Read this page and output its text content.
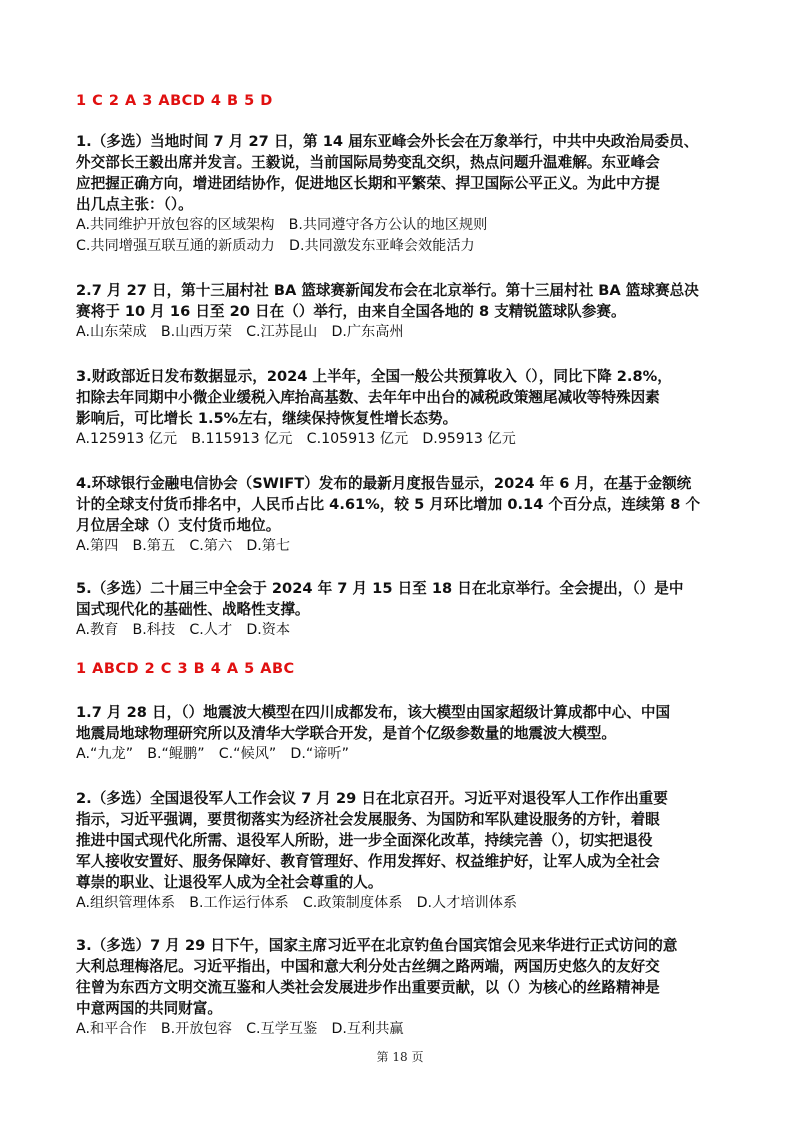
1 C 2 A 3 ABCD 4 B 5 D
1.（多选）当地时间 7 月 27 日，第 14 届东亚峰会外长会在万象举行，中共中央政治局委员、
外交部长王毅出席并发言。王毅说，当前国际局势变乱交织，热点问题升温难解。东亚峰会
应把握正确方向，增进团结协作，促进地区长期和平繁荣、捍卫国际公平正义。为此中方提
出几点主张：（）。
A.共同维护开放包容的区域架构　B.共同遵守各方公认的地区规则
C.共同增强互联互通的新质动力　D.共同激发东亚峰会效能活力
2.7 月 27 日，第十三届村社 BA 篮球赛新闻发布会在北京举行。第十三届村社 BA 篮球赛总决
赛将于 10 月 16 日至 20 日在（）举行，由来自全国各地的 8 支精锐篮球队参赛。
A.山东荣成　B.山西万荣　C.江苏昆山　D.广东高州
3.财政部近日发布数据显示，2024 上半年，全国一般公共预算收入（），同比下降 2.8%，
扣除去年同期中小微企业缓税入库抬高基数、去年年中出台的减税政策翘尾减收等特殊因素
影响后，可比增长 1.5%左右，继续保持恢复性增长态势。
A.125913 亿元　B.115913 亿元　C.105913 亿元　D.95913 亿元
4.环球银行金融电信协会（SWIFT）发布的最新月度报告显示，2024 年 6 月，在基于金额统
计的全球支付货币排名中，人民币占比 4.61%，较 5 月环比增加 0.14 个百分点，连续第 8 个
月位居全球（）支付货币地位。
A.第四　B.第五　C.第六　D.第七
5.（多选）二十届三中全会于 2024 年 7 月 15 日至 18 日在北京举行。全会提出，（）是中
国式现代化的基础性、战略性支撑。
A.教育　B.科技　C.人才　D.资本
1 ABCD 2 C 3 B 4 A 5 ABC
1.7 月 28 日，（）地震波大模型在四川成都发布，该大模型由国家超级计算成都中心、中国
地震局地球物理研究所以及清华大学联合开发，是首个亿级参数量的地震波大模型。
A.“九龙”　B.“鲲鹏”　C.“候风”　D.“谛听”
2.（多选）全国退役军人工作会议 7 月 29 日在北京召开。习近平对退役军人工作作出重要
指示，习近平强调，要贯彻落实为经济社会发展服务、为国防和军队建设服务的方针，着眼
推进中国式现代化所需、退役军人所盼，进一步全面深化改革，持续完善（），切实把退役
军人接收安置好、服务保障好、教育管理好、作用发挥好、权益维护好，让军人成为全社会
尊崇的职业、让退役军人成为全社会尊重的人。
A.组织管理体系　B.工作运行体系　C.政策制度体系　D.人才培训体系
3.（多选）7 月 29 日下午，国家主席习近平在北京钓鱼台国宾馆会见来华进行正式访问的意
大利总理梅洛尼。习近平指出，中国和意大利分处古丝绸之路两端，两国历史悠久的友好交
往曾为东西方文明交流互鉴和人类社会发展进步作出重要贡献，以（）为核心的丝路精神是
中意两国的共同财富。
A.和平合作　B.开放包容　C.互学互鉴　D.互利共赢
第 18 页
